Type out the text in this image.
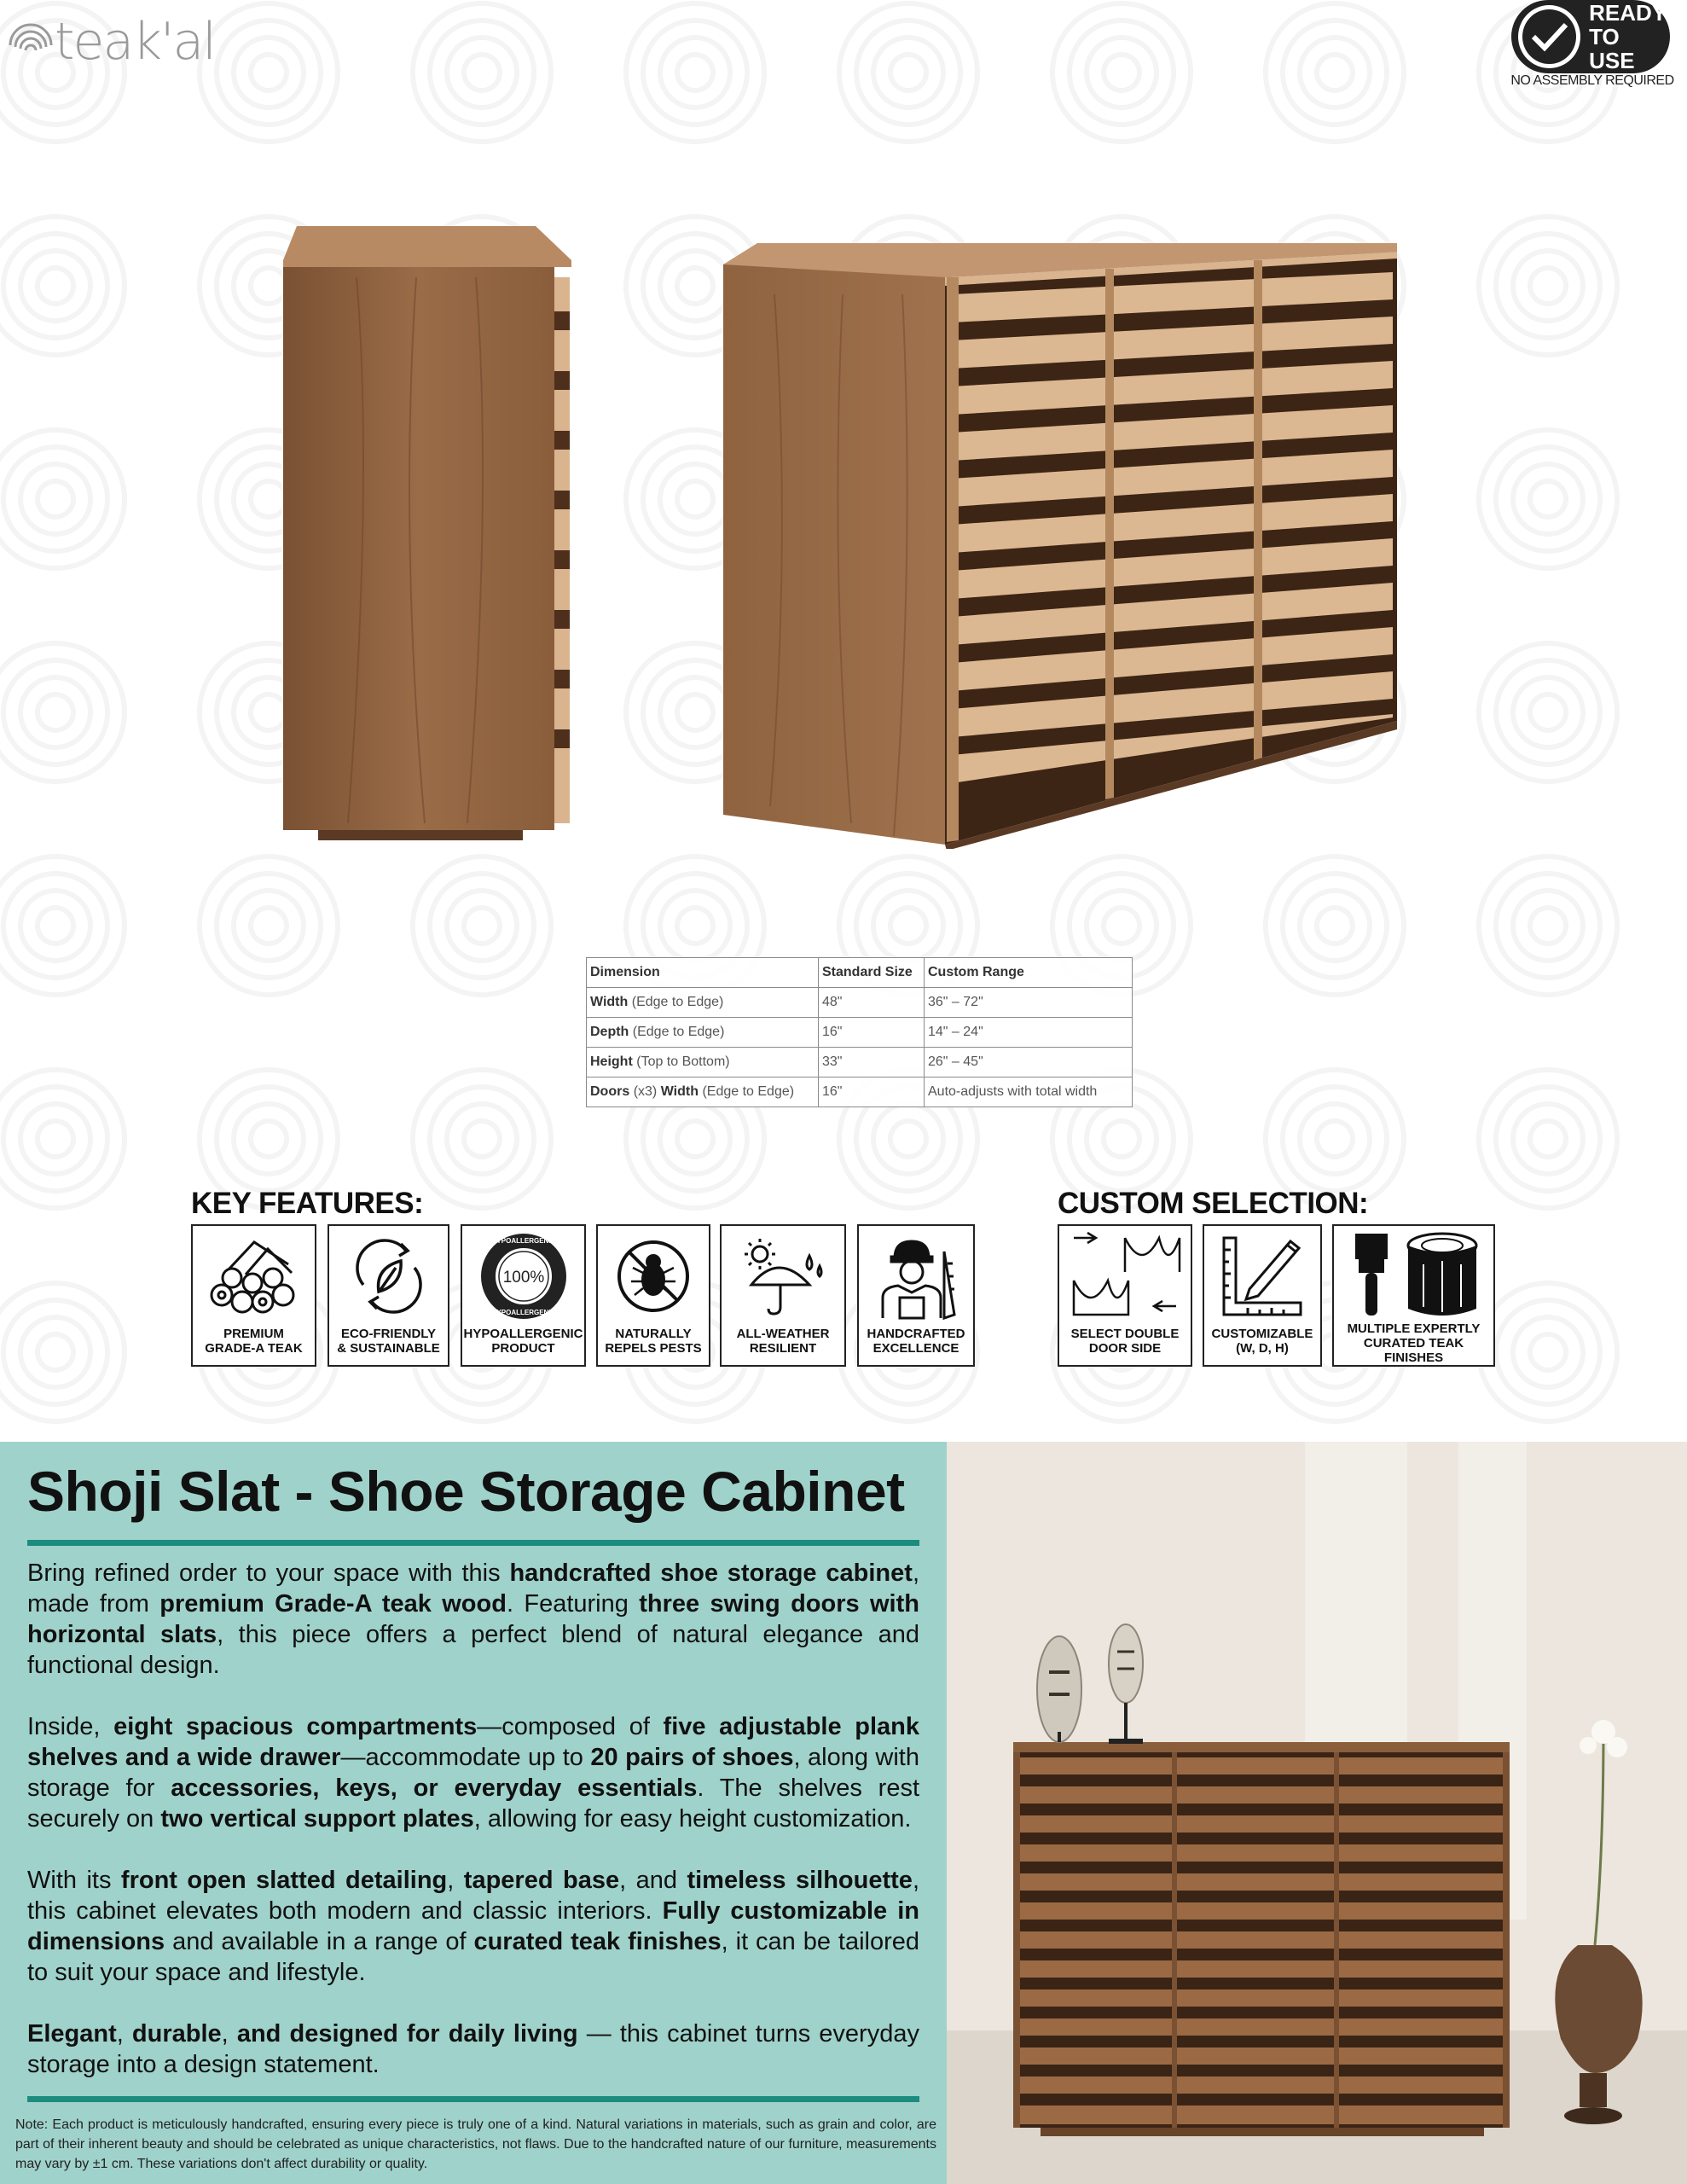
teak'al	READY
TO USE
NO ASSEMBLY REQUIRED
Dimension	Standard Size	Custom Range
Width (Edge to Edge)	48"	36" – 72"
Depth (Edge to Edge)	16"	14" – 24"
Height (Top to Bottom)	33"	26" – 45"
Doors (x3) Width (Edge to Edge)	16"	Auto-adjusts with total width
KEY FEATURES:
PREMIUM
GRADE-A TEAK
ECO-FRIENDLY
& SUSTAINABLE
100%
HYPOALLERGENIC
HYPOALLERGENIC
HYPOALLERGENIC
PRODUCT
NATURALLY
REPELS PESTS
ALL-WEATHER
RESILIENT
HANDCRAFTED
EXCELLENCE
CUSTOM SELECTION:
SELECT DOUBLE
DOOR SIDE
CUSTOMIZABLE
(W, D, H)
MULTIPLE EXPERTLY
CURATED TEAK FINISHES
Shoji Slat - Shoe Storage Cabinet

Bring refined order to your space with this handcrafted shoe storage cabinet, made from premium Grade-A teak wood. Featuring three swing doors with horizontal slats, this piece offers a perfect blend of natural elegance and functional design.

Inside, eight spacious compartments—composed of five adjustable plank shelves and a wide drawer—accommodate up to 20 pairs of shoes, along with storage for accessories, keys, or everyday essentials. The shelves rest securely on two vertical support plates, allowing for easy height customization.

With its front open slatted detailing, tapered base, and timeless silhouette, this cabinet elevates both modern and classic interiors. Fully customizable in dimensions and available in a range of curated teak finishes, it can be tailored to suit your space and lifestyle.

Elegant, durable, and designed for daily living — this cabinet turns everyday storage into a design statement.

Note: Each product is meticulously handcrafted, ensuring every piece is truly one of a kind. Natural variations in materials, such as grain and color, are part of their inherent beauty and should be celebrated as unique characteristics, not flaws. Due to the handcrafted nature of our furniture, measurements may vary by ±1 cm. These variations don't affect durability or quality.
